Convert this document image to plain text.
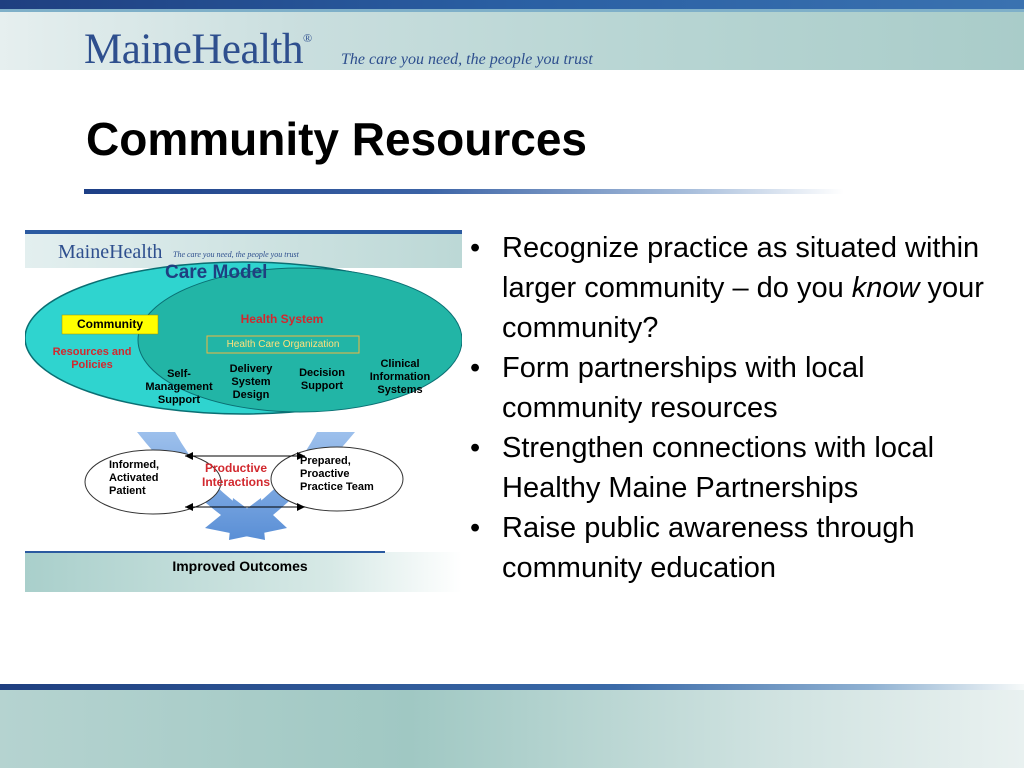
MaineHealth®
The care you need, the people you trust
Community Resources
MaineHealth The care you need, the people you trust
Care Model
Community
Resources and Policies
Health System
Health Care Organization
Self-Management Support
Delivery System Design
Decision Support
Clinical Information Systems
Informed, Activated Patient
Productive Interactions
Prepared, Proactive Practice Team
Improved Outcomes
• Recognize practice as situated within larger community – do you know your community?
• Form partnerships with local community resources
• Strengthen connections with local Healthy Maine Partnerships
• Raise public awareness through community education
